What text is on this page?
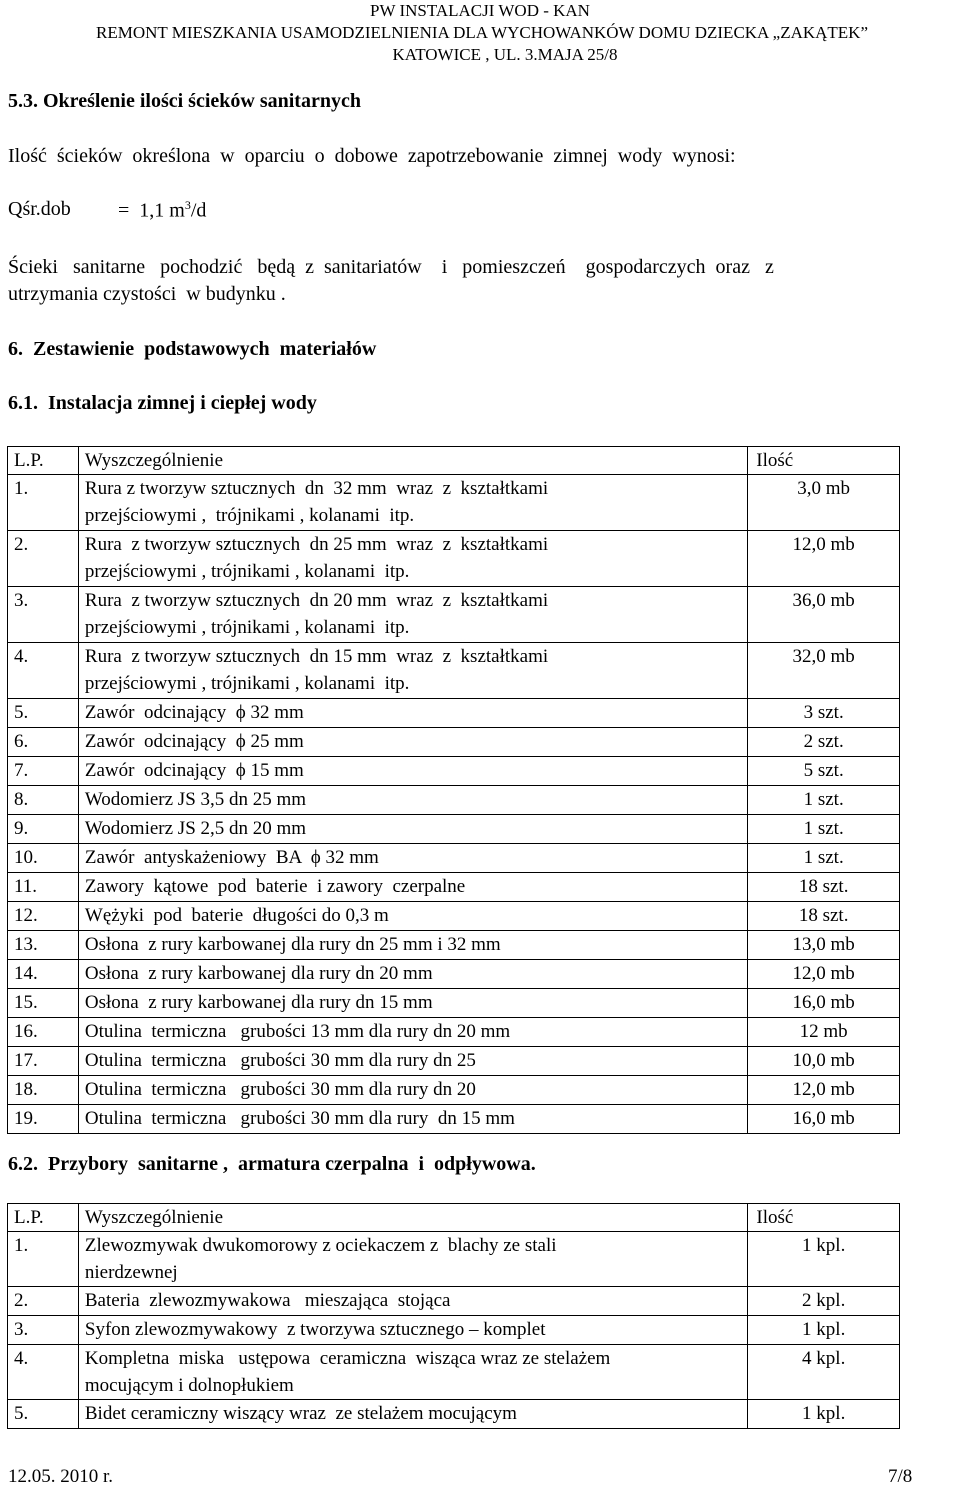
PW INSTALACJI WOD - KAN
REMONT MIESZKANIA USAMODZIELNIENIA DLA WYCHOWANKÓW DOMU DZIECKA „ZAKĄTEK”
KATOWICE , UL. 3.MAJA 25/8
5.3. Określenie ilości ścieków sanitarnych
Ilość  ścieków  określona  w  oparciu  o  dobowe  zapotrzebowanie  zimnej  wody  wynosi:
Qśr.dob =  1,1 $m^3/d$
Ścieki   sanitarne   pochodzić   będą  z  sanitariatów    i   pomieszczeń    gospodarczych  oraz   z
utrzymania czystości  w budynku .
6.  Zestawienie  podstawowych  materiałów
6.1.  Instalacja zimnej i ciepłej wody
L.P.	Wyszczególnienie	Ilość
1.	Rura z tworzyw sztucznych  dn  32 mm  wraz  z  kształtkami
przejściowymi ,  trójnikami , kolanami  itp.	3,0 mb
2.	Rura  z tworzyw sztucznych  dn 25 mm  wraz  z  kształtkami
przejściowymi , trójnikami , kolanami  itp.	12,0 mb
3.	Rura  z tworzyw sztucznych  dn 20 mm  wraz  z  kształtkami
przejściowymi , trójnikami , kolanami  itp.	36,0 mb
4.	Rura  z tworzyw sztucznych  dn 15 mm  wraz  z  kształtkami
przejściowymi , trójnikami , kolanami  itp.	32,0 mb
5.	Zawór  odcinający  ϕ 32 mm	3 szt.
6.	Zawór  odcinający  ϕ 25 mm	2 szt.
7.	Zawór  odcinający  ϕ 15 mm	5 szt.
8.	Wodomierz JS 3,5 dn 25 mm	1 szt.
9.	Wodomierz JS 2,5 dn 20 mm	1 szt.
10.	Zawór  antyskażeniowy  BA  ϕ 32 mm	1 szt.
11.	Zawory  kątowe  pod  baterie  i zawory  czerpalne	18 szt.
12.	Wężyki  pod  baterie  długości do 0,3 m	18 szt.
13.	Osłona  z rury karbowanej dla rury dn 25 mm i 32 mm	13,0 mb
14.	Osłona  z rury karbowanej dla rury dn 20 mm	12,0 mb
15.	Osłona  z rury karbowanej dla rury dn 15 mm	16,0 mb
16.	Otulina  termiczna   grubości 13 mm dla rury dn 20 mm	12 mb
17.	Otulina  termiczna   grubości 30 mm dla rury dn 25	10,0 mb
18.	Otulina  termiczna   grubości 30 mm dla rury dn 20	12,0 mb
19.	Otulina  termiczna   grubości 30 mm dla rury  dn 15 mm	16,0 mb
6.2.  Przybory  sanitarne ,  armatura czerpalna  i  odpływowa.
L.P.	Wyszczególnienie	Ilość
1.	Zlewozmywak dwukomorowy z ociekaczem z  blachy ze stali
nierdzewnej	1 kpl.
2.	Bateria  zlewozmywakowa   mieszająca  stojąca	2 kpl.
3.	Syfon zlewozmywakowy  z tworzywa sztucznego – komplet	1 kpl.
4.	Kompletna  miska   ustępowa  ceramiczna  wisząca wraz ze stelażem
mocującym i dolnopłukiem	4 kpl.
5.	Bidet ceramiczny wiszący wraz  ze stelażem mocującym	1 kpl.
12.05. 2010 r.	7/8
